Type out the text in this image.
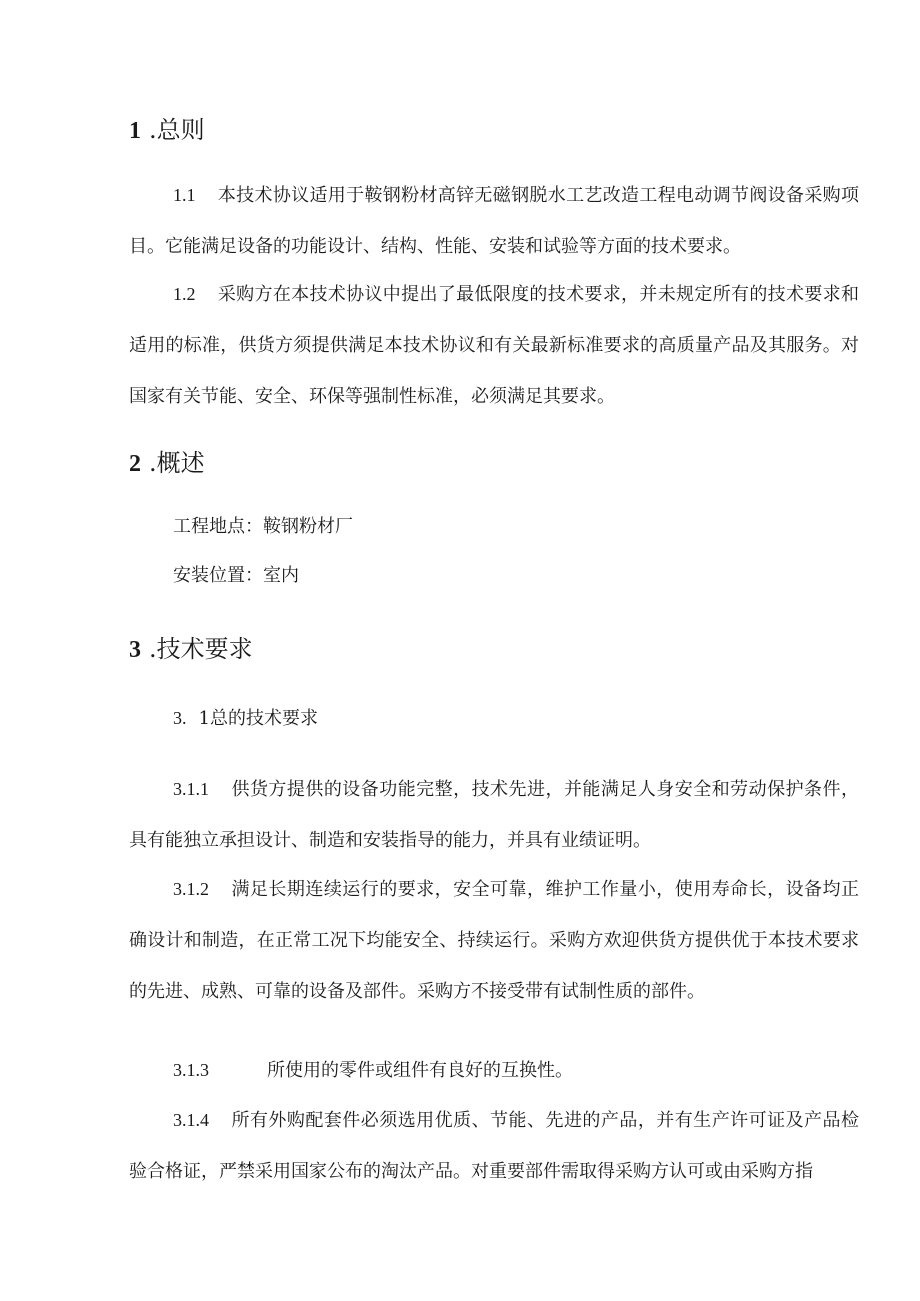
1 .总则
1.1 本技术协议适用于鞍钢粉材高锌无磁钢脱水工艺改造工程电动调节阀设备采购项目。它能满足设备的功能设计、结构、性能、安装和试验等方面的技术要求。
1.2 采购方在本技术协议中提出了最低限度的技术要求，并未规定所有的技术要求和适用的标准，供货方须提供满足本技术协议和有关最新标准要求的高质量产品及其服务。对国家有关节能、安全、环保等强制性标准，必须满足其要求。
2 .概述
工程地点：鞍钢粉材厂
安装位置：室内
3 .技术要求
3. 1总的技术要求
3.1.1 供货方提供的设备功能完整，技术先进，并能满足人身安全和劳动保护条件，具有能独立承担设计、制造和安装指导的能力，并具有业绩证明。
3.1.2 满足长期连续运行的要求，安全可靠，维护工作量小，使用寿命长，设备均正确设计和制造，在正常工况下均能安全、持续运行。采购方欢迎供货方提供优于本技术要求的先进、成熟、可靠的设备及部件。采购方不接受带有试制性质的部件。
3.1.3	所使用的零件或组件有良好的互换性。
3.1.4 所有外购配套件必须选用优质、节能、先进的产品，并有生产许可证及产品检验合格证，严禁采用国家公布的淘汰产品。对重要部件需取得采购方认可或由采购方指
